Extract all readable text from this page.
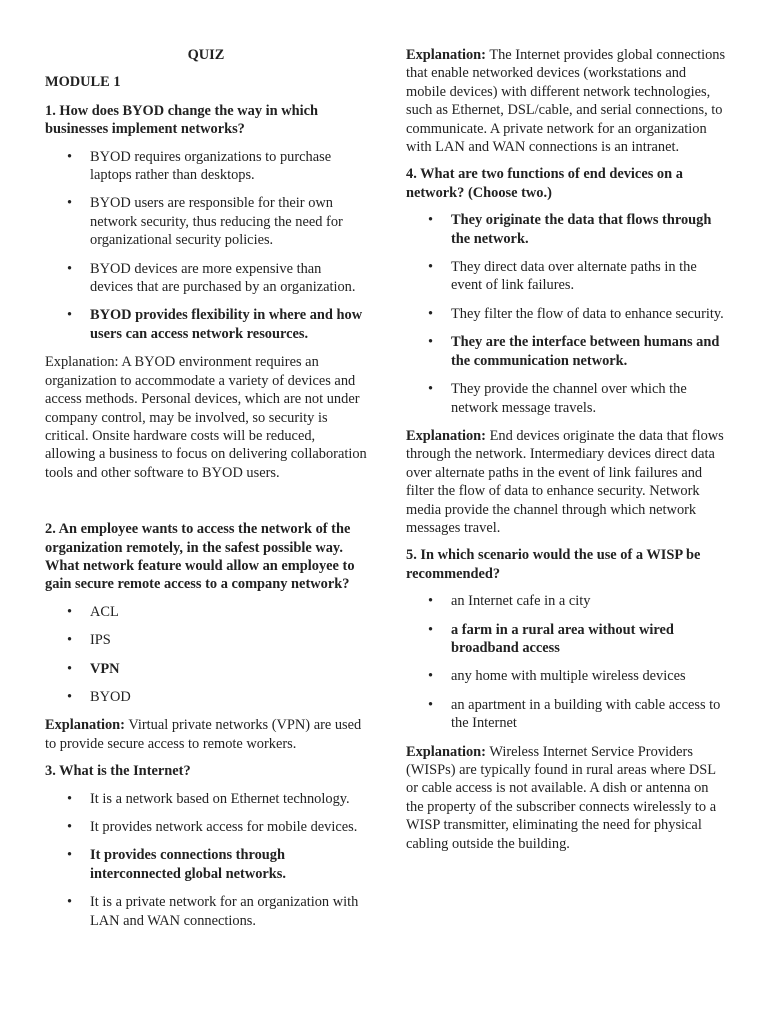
QUIZ
MODULE 1
1. How does BYOD change the way in which businesses implement networks?
• BYOD requires organizations to purchase laptops rather than desktops.
• BYOD users are responsible for their own network security, thus reducing the need for organizational security policies.
• BYOD devices are more expensive than devices that are purchased by an organization.
• BYOD provides flexibility in where and how users can access network resources.
Explanation: A BYOD environment requires an organization to accommodate a variety of devices and access methods. Personal devices, which are not under company control, may be involved, so security is critical. Onsite hardware costs will be reduced, allowing a business to focus on delivering collaboration tools and other software to BYOD users.
2. An employee wants to access the network of the organization remotely, in the safest possible way. What network feature would allow an employee to gain secure remote access to a company network?
• ACL
• IPS
• VPN
• BYOD
Explanation: Virtual private networks (VPN) are used to provide secure access to remote workers.
3. What is the Internet?
• It is a network based on Ethernet technology.
• It provides network access for mobile devices.
• It provides connections through interconnected global networks.
• It is a private network for an organization with LAN and WAN connections.
Explanation: The Internet provides global connections that enable networked devices (workstations and mobile devices) with different network technologies, such as Ethernet, DSL/cable, and serial connections, to communicate. A private network for an organization with LAN and WAN connections is an intranet.
4. What are two functions of end devices on a network? (Choose two.)
• They originate the data that flows through the network.
• They direct data over alternate paths in the event of link failures.
• They filter the flow of data to enhance security.
• They are the interface between humans and the communication network.
• They provide the channel over which the network message travels.
Explanation: End devices originate the data that flows through the network. Intermediary devices direct data over alternate paths in the event of link failures and filter the flow of data to enhance security. Network media provide the channel through which network messages travel.
5. In which scenario would the use of a WISP be recommended?
• an Internet cafe in a city
• a farm in a rural area without wired broadband access
• any home with multiple wireless devices
• an apartment in a building with cable access to the Internet
Explanation: Wireless Internet Service Providers (WISPs) are typically found in rural areas where DSL or cable access is not available. A dish or antenna on the property of the subscriber connects wirelessly to a WISP transmitter, eliminating the need for physical cabling outside the building.
